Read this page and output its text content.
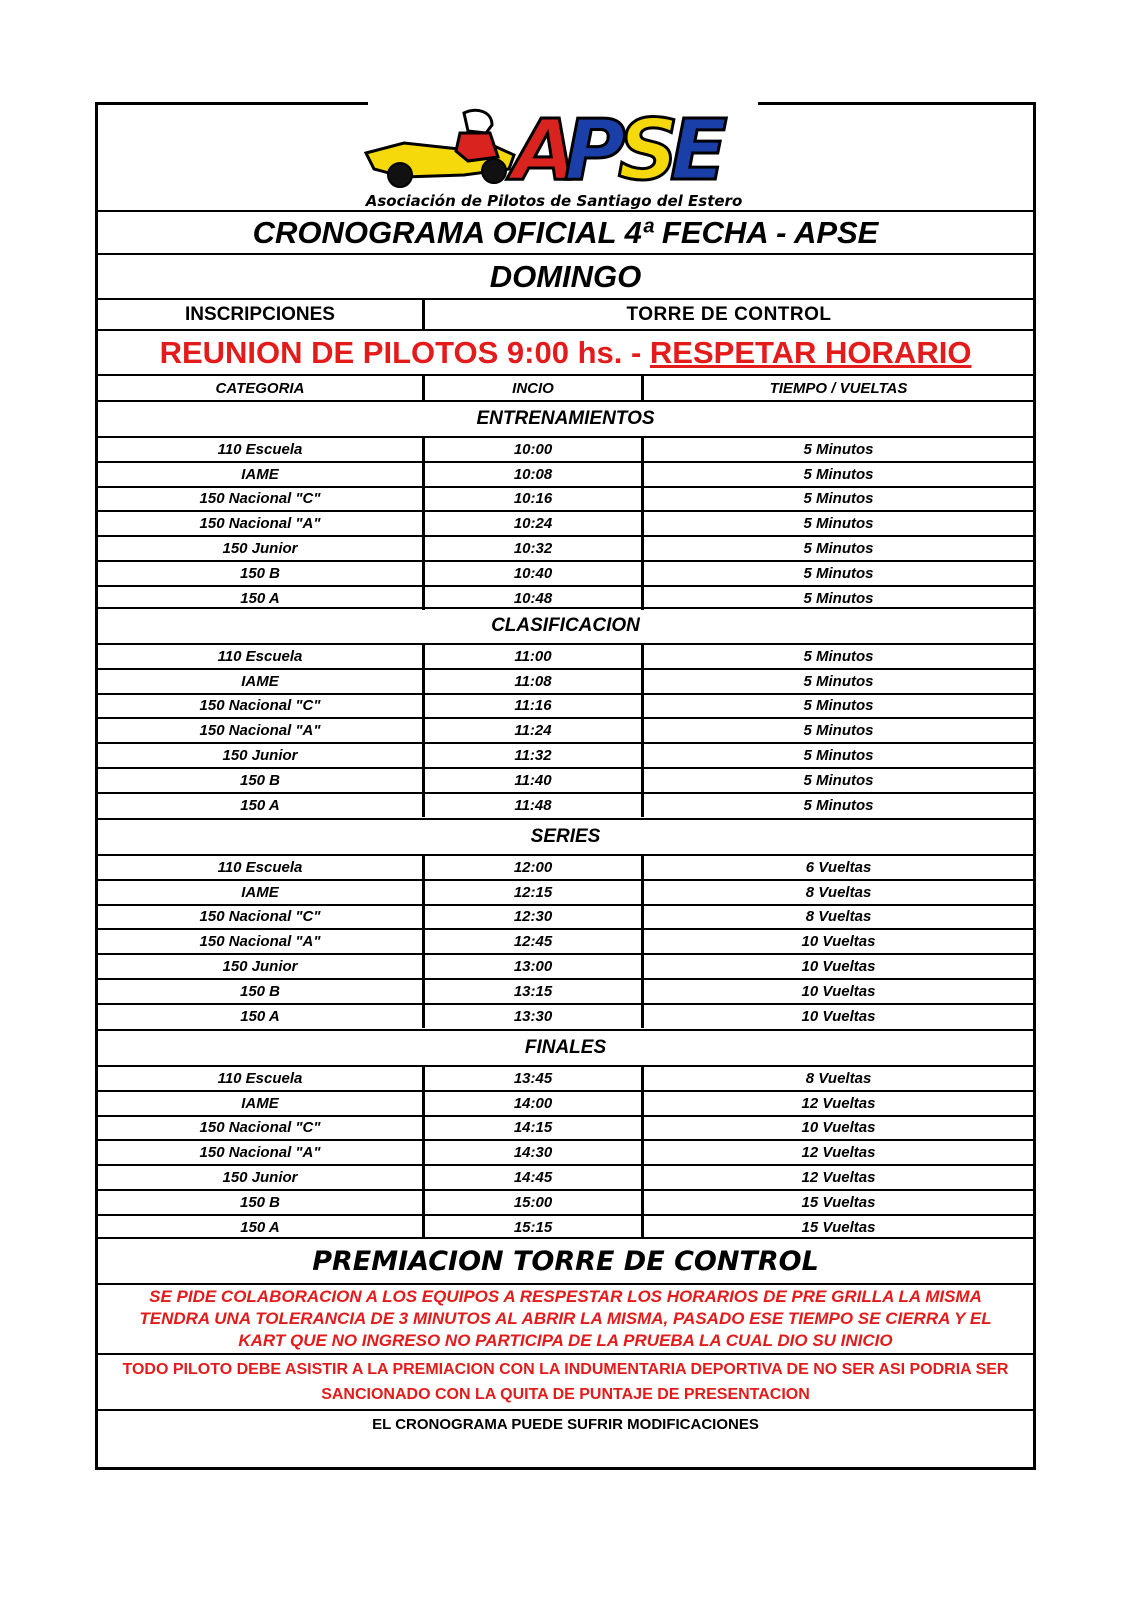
A
P
S
E
Asociación de Pilotos de Santiago del Estero
CRONOGRAMA OFICIAL 4ª FECHA - APSE
DOMINGO
INSCRIPCIONES	TORRE DE CONTROL
REUNION DE PILOTOS 9:00 hs. - RESPETAR HORARIO
CATEGORIA	INCIO	TIEMPO / VUELTAS
ENTRENAMIENTOS
110 Escuela	10:00	5 Minutos
IAME	10:08	5 Minutos
150 Nacional "C"	10:16	5 Minutos
150 Nacional "A"	10:24	5 Minutos
150 Junior	10:32	5 Minutos
150 B	10:40	5 Minutos
150 A	10:48	5 Minutos
CLASIFICACION
110 Escuela	11:00	5 Minutos
IAME	11:08	5 Minutos
150 Nacional "C"	11:16	5 Minutos
150 Nacional "A"	11:24	5 Minutos
150 Junior	11:32	5 Minutos
150 B	11:40	5 Minutos
150 A	11:48	5 Minutos
SERIES
110 Escuela	12:00	6 Vueltas
IAME	12:15	8 Vueltas
150 Nacional "C"	12:30	8 Vueltas
150 Nacional "A"	12:45	10 Vueltas
150 Junior	13:00	10 Vueltas
150 B	13:15	10 Vueltas
150 A	13:30	10 Vueltas
FINALES
110 Escuela	13:45	8 Vueltas
IAME	14:00	12 Vueltas
150 Nacional "C"	14:15	10 Vueltas
150 Nacional "A"	14:30	12 Vueltas
150 Junior	14:45	12 Vueltas
150 B	15:00	15 Vueltas
150 A	15:15	15 Vueltas
PREMIACION TORRE DE CONTROL
SE PIDE COLABORACION A LOS EQUIPOS A RESPESTAR LOS HORARIOS DE PRE GRILLA LA MISMA
TENDRA UNA TOLERANCIA DE 3 MINUTOS AL ABRIR LA MISMA, PASADO ESE TIEMPO SE CIERRA Y EL
KART QUE NO INGRESO NO PARTICIPA DE LA PRUEBA LA CUAL DIO SU INICIO
TODO PILOTO DEBE ASISTIR A LA PREMIACION CON LA INDUMENTARIA DEPORTIVA DE NO SER ASI PODRIA SER
SANCIONADO CON LA QUITA DE PUNTAJE DE PRESENTACION
EL CRONOGRAMA PUEDE SUFRIR MODIFICACIONES
